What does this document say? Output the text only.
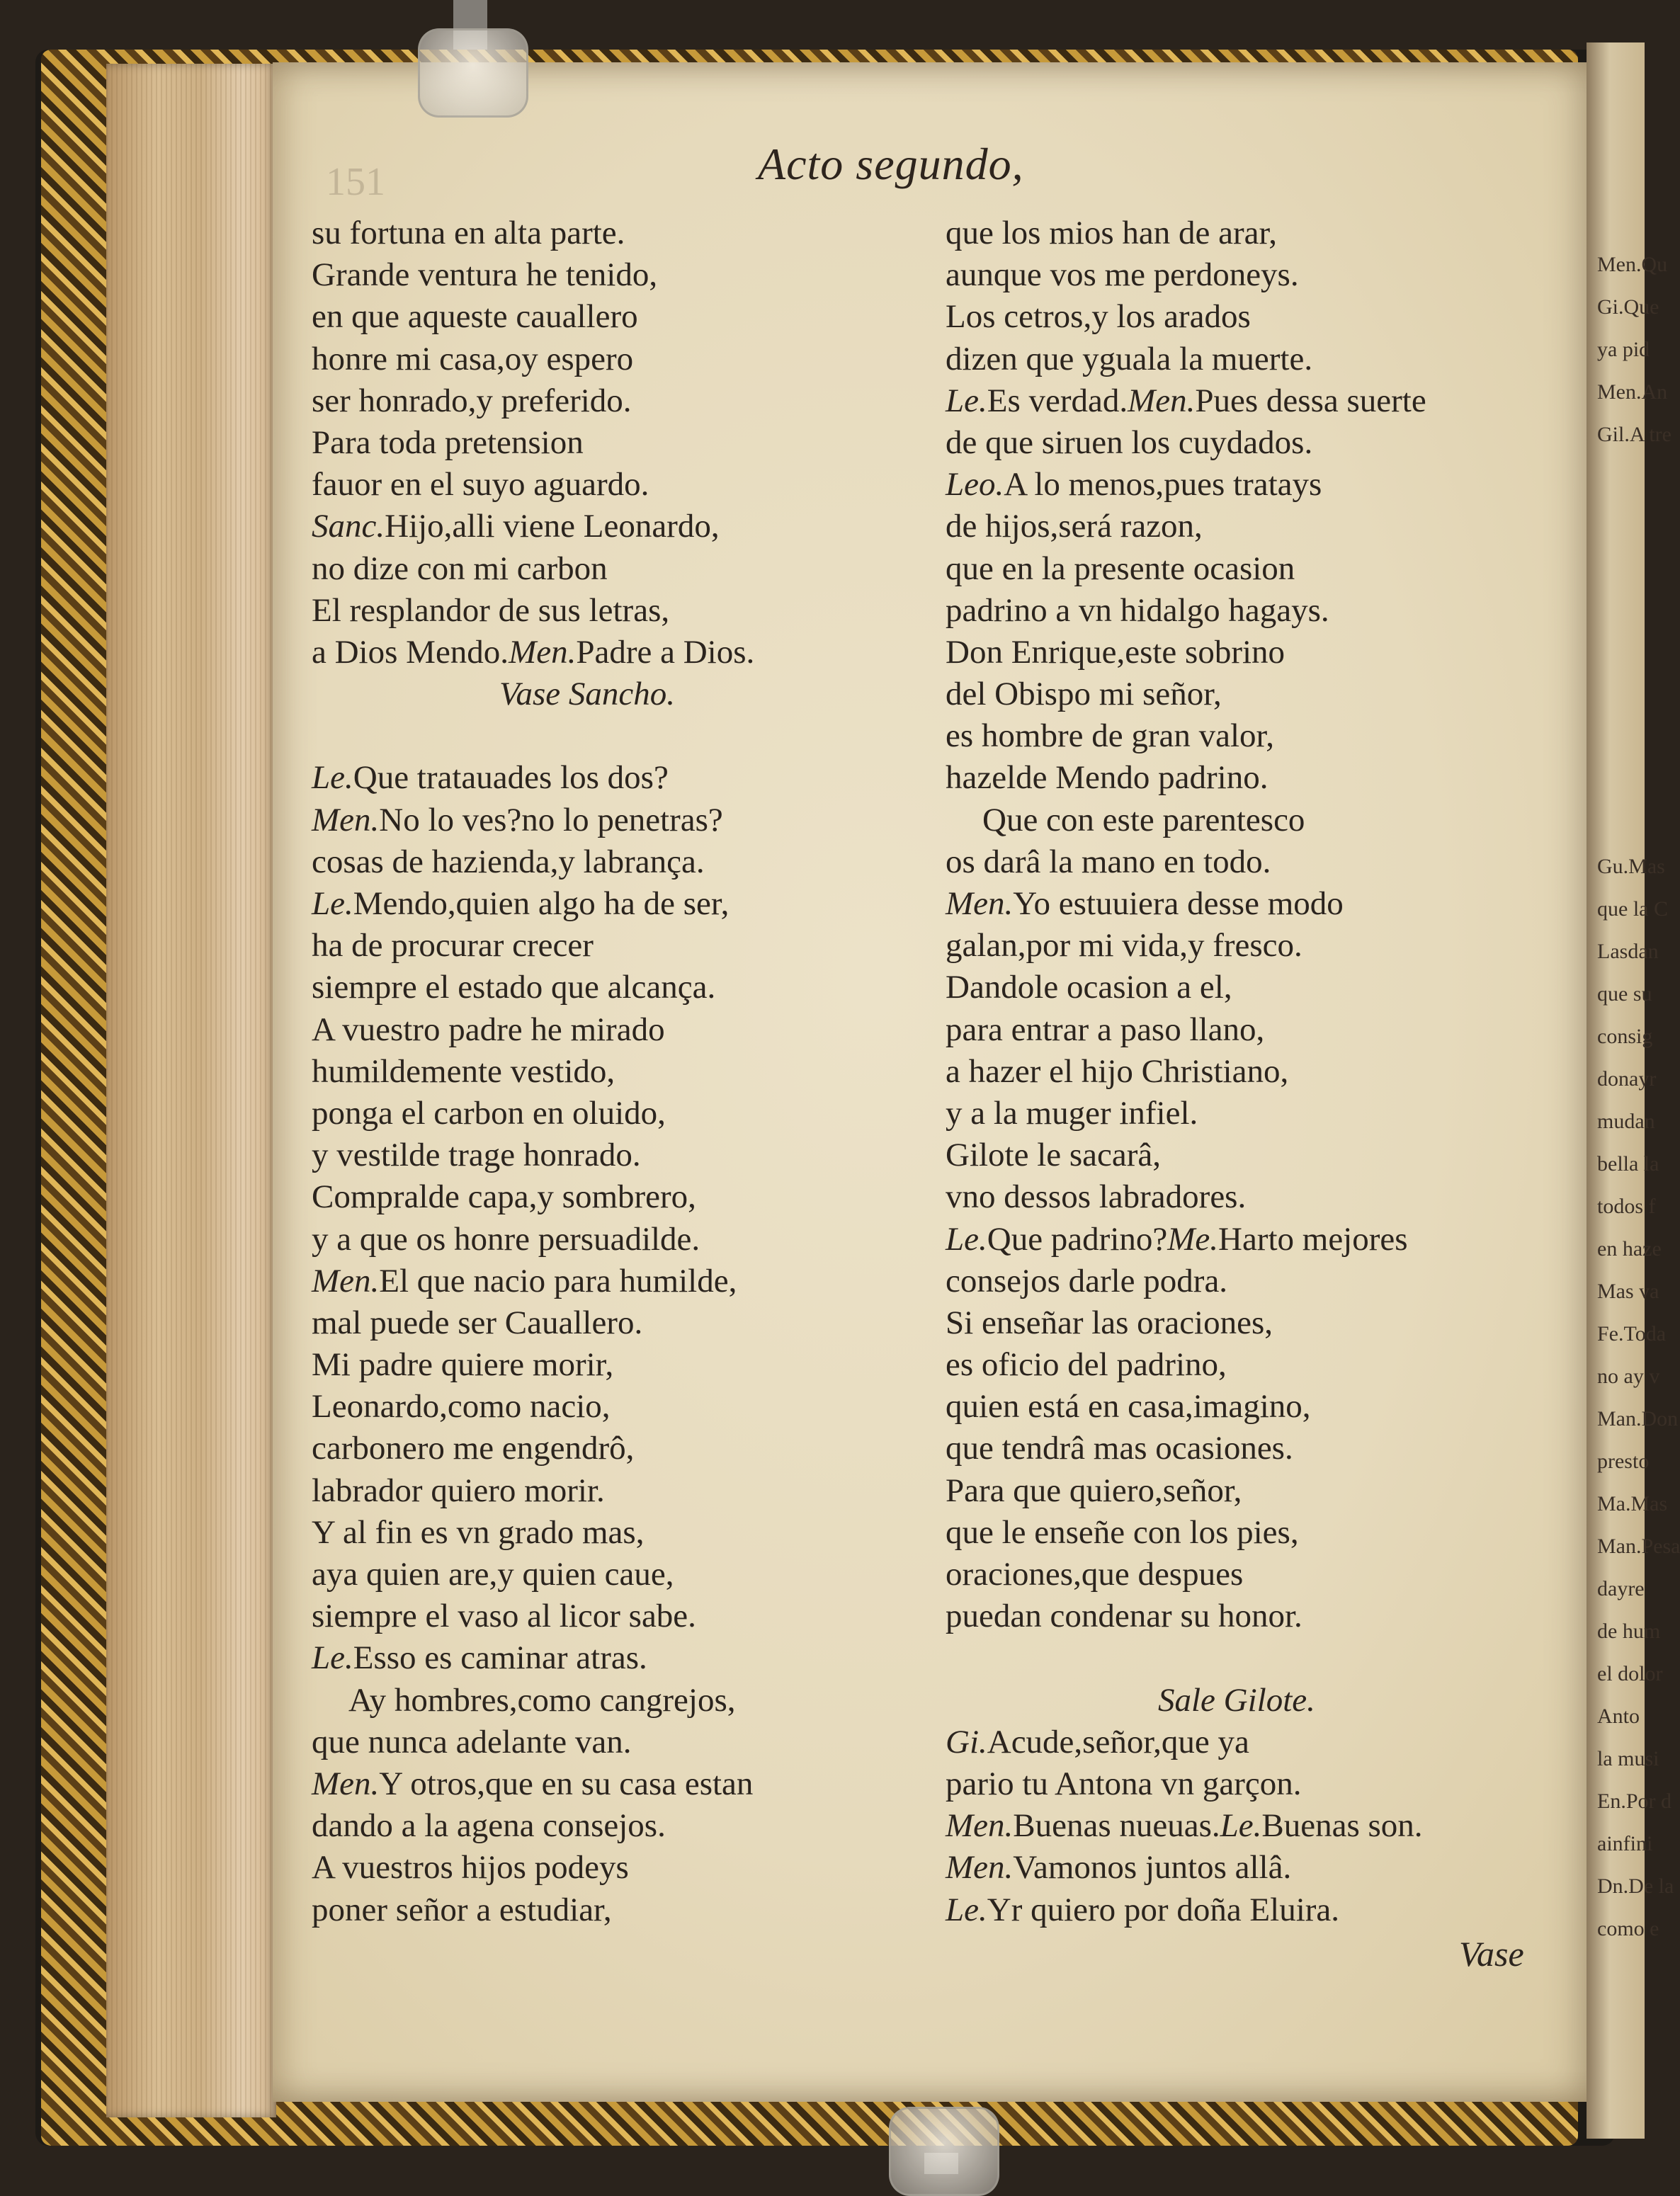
Men.Qu
Gi.Que
ya pid
Men.An
Gil.A tre
Gu.Mas
que la C
Lasdan
que su
consig
donayr
mudan
bella la
todos f
en haze
Mas va
Fe.Toda
no ay v
Man.Don
presto
Ma.Mas
Man.Pesa
dayre
de hum
el dolor
Anto
la musi
En.Por d
ainfini
Dn.De la
como e
151	Acto segundo,
su fortuna en alta parte.
Grande ventura he tenido,
en que aqueste cauallero
honre mi casa,oy espero
ser honrado,y preferido.
Para toda pretension
fauor en el suyo aguardo.
Sanc.Hijo,alli viene Leonardo,
no dize con mi carbon
El resplandor de sus letras,
a Dios Mendo.Men.Padre a Dios.
Vase Sancho.
Le.Que tratauades los dos?
Men.No lo ves?no lo penetras?
cosas de hazienda,y labrança.
Le.Mendo,quien algo ha de ser,
ha de procurar crecer
siempre el estado que alcança.
A vuestro padre he mirado
humildemente vestido,
ponga el carbon en oluido,
y vestilde trage honrado.
Compralde capa,y sombrero,
y a que os honre persuadilde.
Men.El que nacio para humilde,
mal puede ser Cauallero.
Mi padre quiere morir,
Leonardo,como nacio,
carbonero me engendrô,
labrador quiero morir.
Y al fin es vn grado mas,
aya quien are,y quien caue,
siempre el vaso al licor sabe.
Le.Esso es caminar atras.
Ay hombres,como cangrejos,
que nunca adelante van.
Men.Y otros,que en su casa estan
dando a la agena consejos.
A vuestros hijos podeys
poner señor a estudiar,
que los mios han de arar,
aunque vos me perdoneys.
Los cetros,y los arados
dizen que yguala la muerte.
Le.Es verdad.Men.Pues dessa suerte
de que siruen los cuydados.
Leo.A lo menos,pues tratays
de hijos,será razon,
que en la presente ocasion
padrino a vn hidalgo hagays.
Don Enrique,este sobrino
del Obispo mi señor,
es hombre de gran valor,
hazelde Mendo padrino.
Que con este parentesco
os darâ la mano en todo.
Men.Yo estuuiera desse modo
galan,por mi vida,y fresco.
Dandole ocasion a el,
para entrar a paso llano,
a hazer el hijo Christiano,
y a la muger infiel.
Gilote le sacarâ,
vno dessos labradores.
Le.Que padrino?Me.Harto mejores
consejos darle podra.
Si enseñar las oraciones,
es oficio del padrino,
quien está en casa,imagino,
que tendrâ mas ocasiones.
Para que quiero,señor,
que le enseñe con los pies,
oraciones,que despues
puedan condenar su honor.
Sale Gilote.
Gi.Acude,señor,que ya
pario tu Antona vn garçon.
Men.Buenas nueuas.Le.Buenas son.
Men.Vamonos juntos allâ.
Le.Yr quiero por doña Eluira.
Vase
